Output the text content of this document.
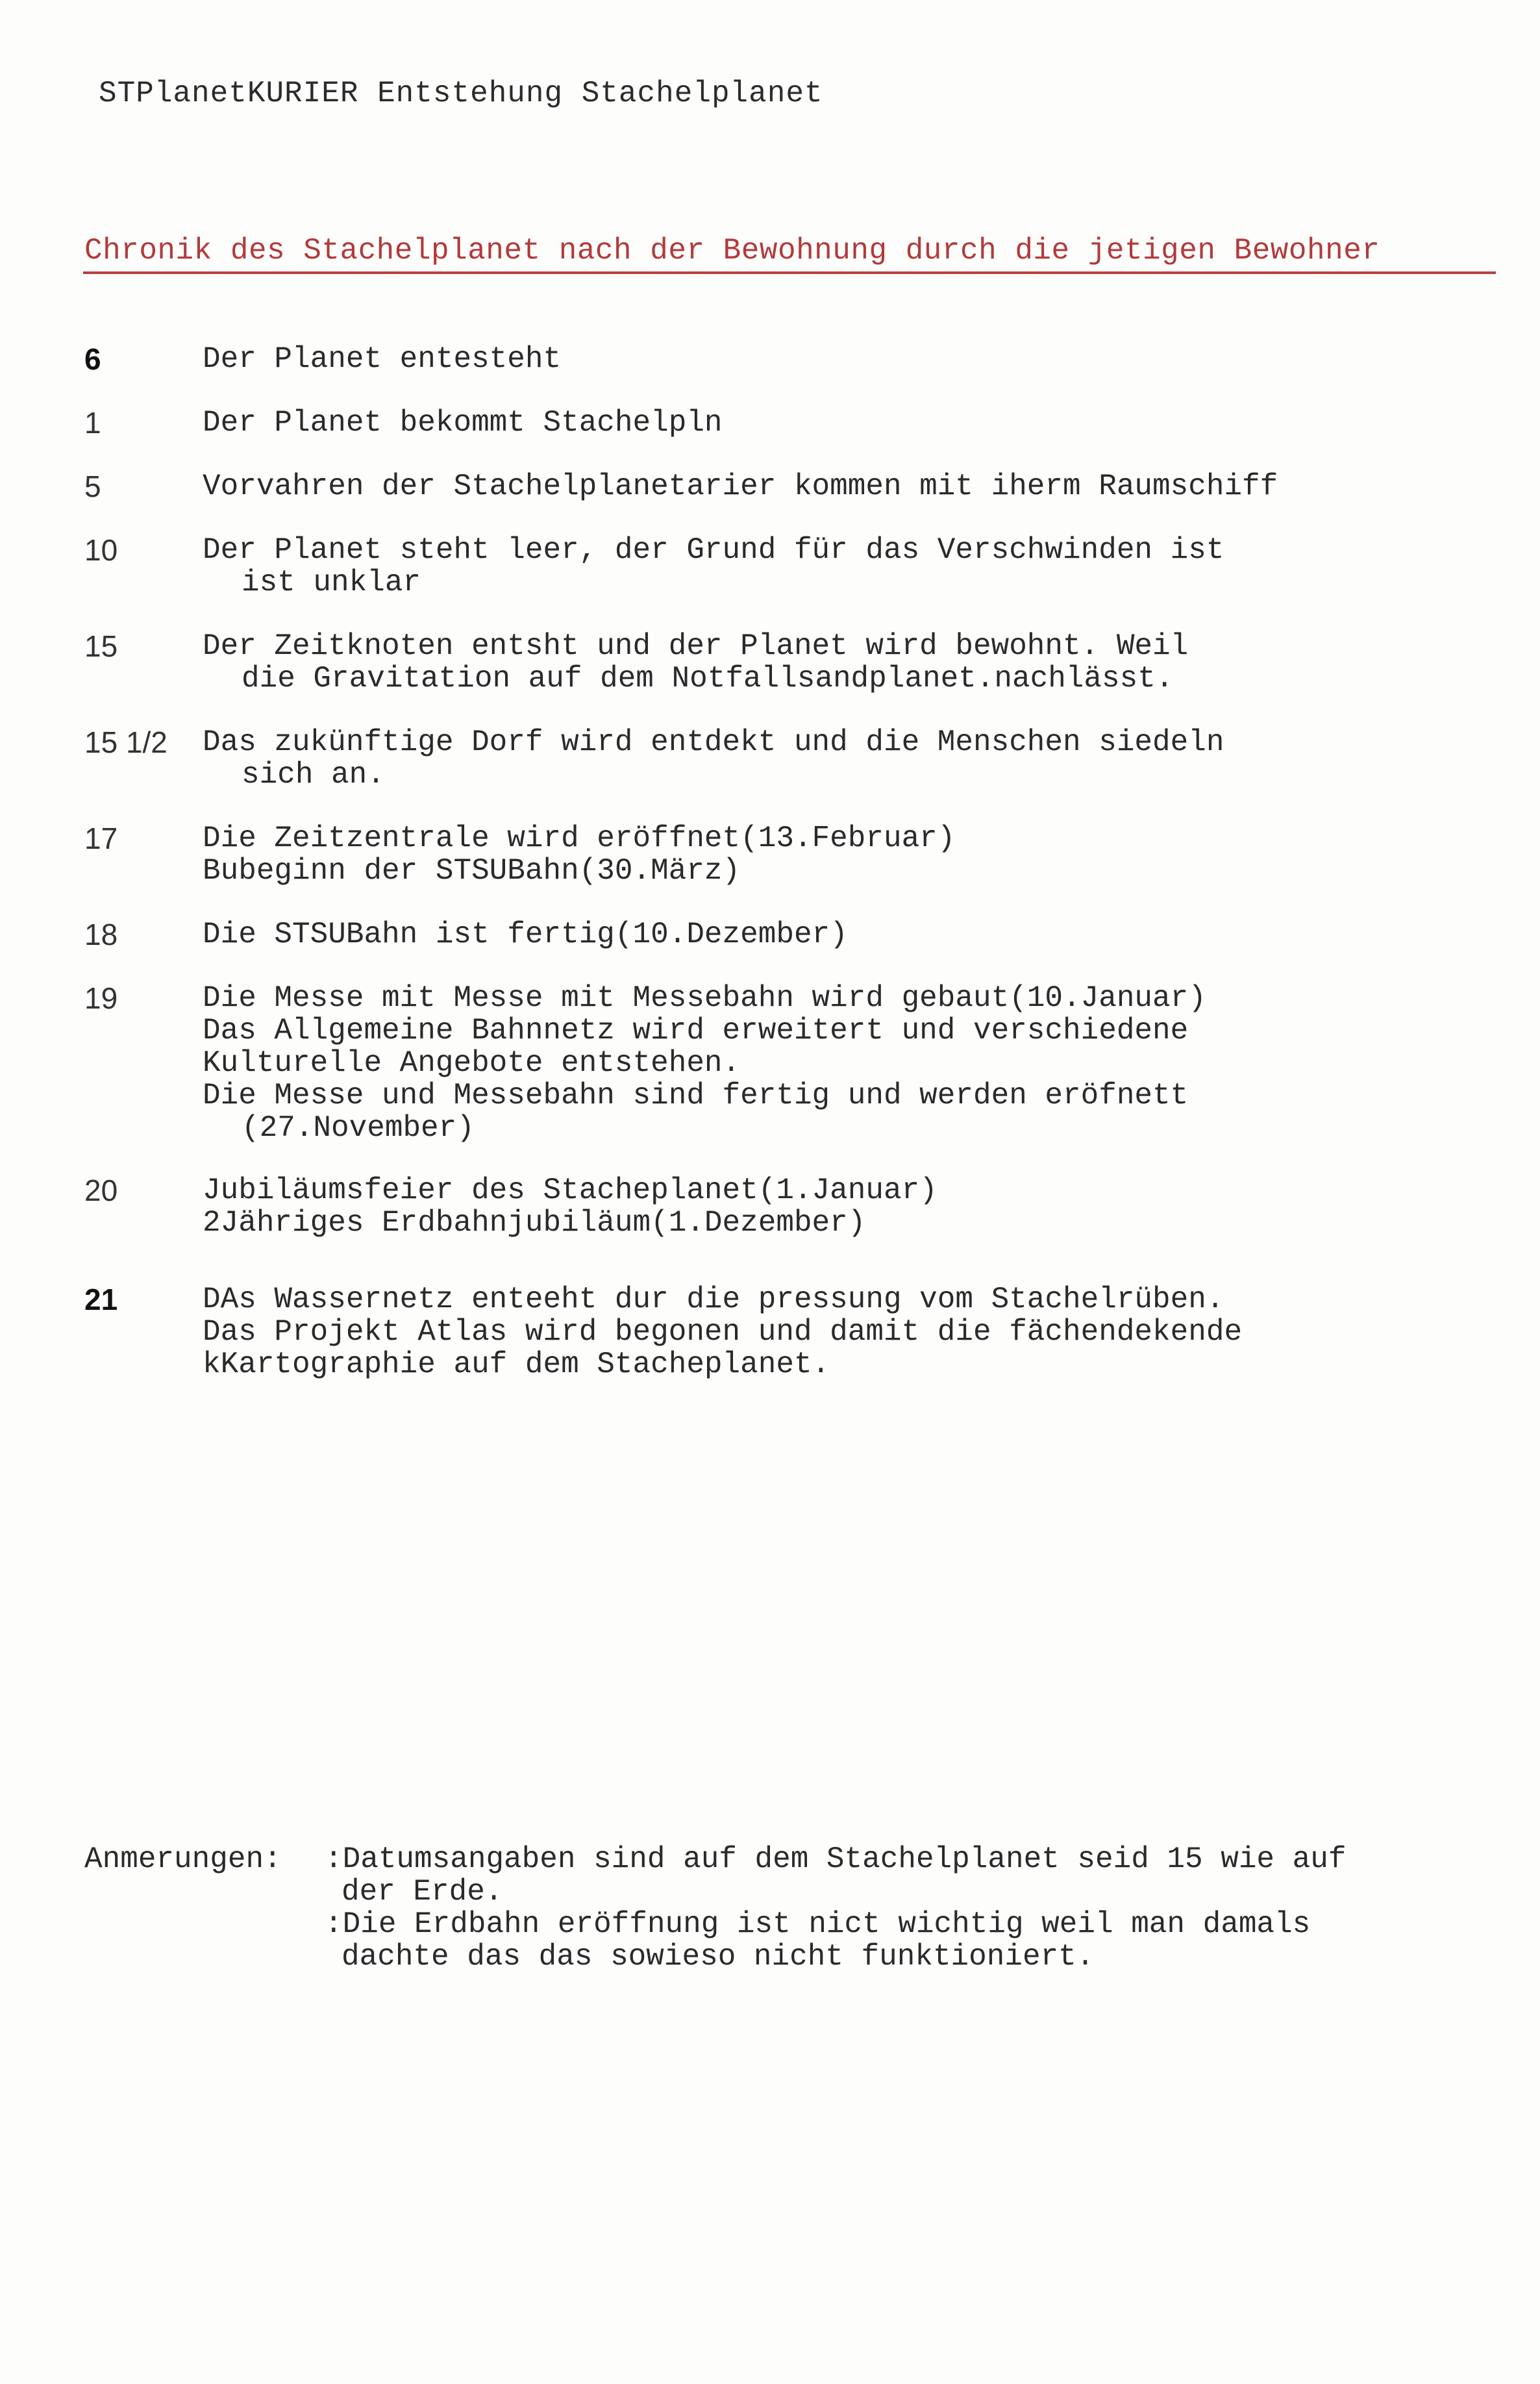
STPlanetKURIER Entstehung Stachelplanet
Chronik des Stachelplanet nach der Bewohnung durch die jetigen Bewohner
6	Der Planet entesteht
1	Der Planet bekommt Stachelpln
5	Vorvahren der Stachelplanetarier kommen mit iherm Raumschiff
10	Der Planet steht leer, der Grund für das Verschwinden ist
ist unklar
15	Der Zeitknoten entsht und der Planet wird bewohnt. Weil
die Gravitation auf dem Notfallsandplanet.nachlässt.
15 1/2 Das zukünftige Dorf wird entdekt und die Menschen siedeln
sich an.
17	Die Zeitzentrale wird eröffnet(13.Februar)
Bubeginn der STSUBahn(30.März)
18	Die STSUBahn ist fertig(10.Dezember)
19	Die Messe mit Messe mit Messebahn wird gebaut(10.Januar)
Das Allgemeine Bahnnetz wird erweitert und verschiedene
Kulturelle Angebote entstehen.
Die Messe und Messebahn sind fertig und werden eröfnett
(27.November)
20	Jubiläumsfeier des Stacheplanet(1.Januar)
2Jähriges Erdbahnjubiläum(1.Dezember)
21	DAs Wassernetz enteeht dur die pressung vom Stachelrüben.
Das Projekt Atlas wird begonen und damit die fächendekende
kKartographie auf dem Stacheplanet.
Anmerungen: :Datumsangaben sind auf dem Stachelplanet seid 15 wie auf
der Erde.
:Die Erdbahn eröffnung ist nict wichtig weil man damals
dachte das das sowieso nicht funktioniert.
